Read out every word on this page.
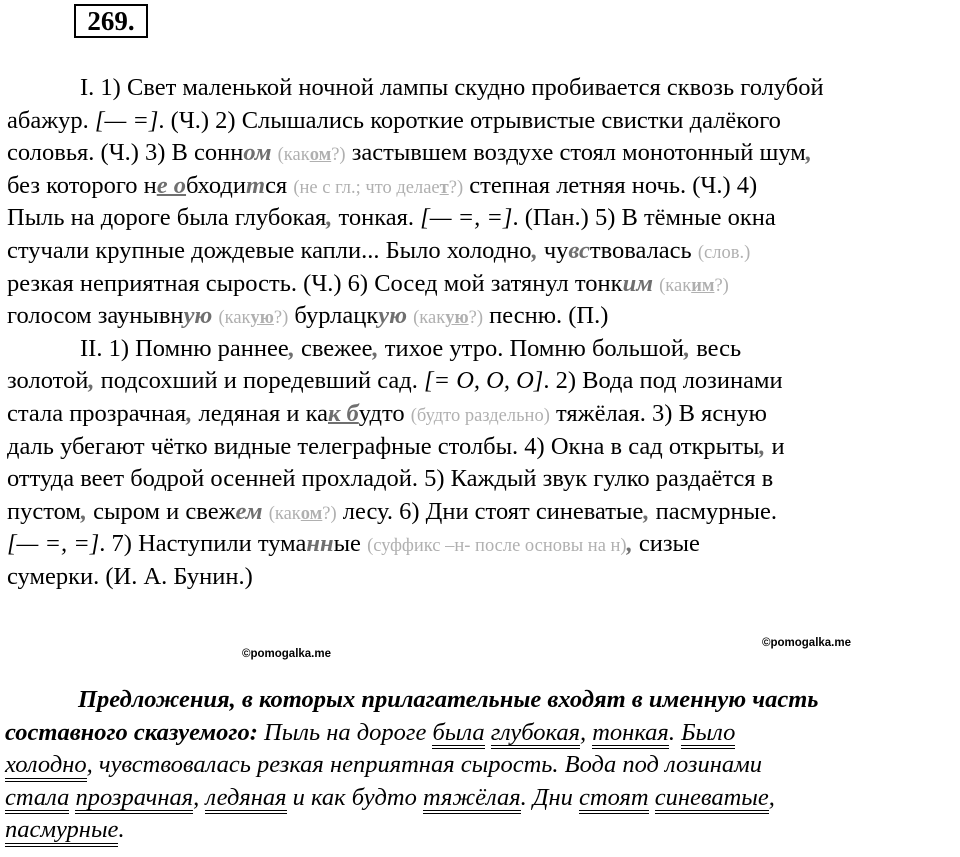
269.
I. 1) Свет маленькой ночной лампы скудно пробивается сквозь голубой
абажур. [— =]. (Ч.) 2) Слышались короткие отрывистые свистки далёкого
соловья. (Ч.) 3) В сонном (каком?) застывшем воздухе стоял монотонный шум,
без которого не обходится (не с гл.; что делает?) степная летняя ночь. (Ч.) 4)
Пыль на дороге была глубокая, тонкая. [— =, =]. (Пан.) 5) В тёмные окна
стучали крупные дождевые капли... Было холодно, чувствовалась (слов.)
резкая неприятная сырость. (Ч.) 6) Сосед мой затянул тонким (каким?)
голосом заунывную (какую?) бурлацкую (какую?) песню. (П.)
II. 1) Помню раннее, свежее, тихое утро. Помню большой, весь
золотой, подсохший и поредевший сад. [= O, O, O]. 2) Вода под лозинами
стала прозрачная, ледяная и как будто (будто раздельно) тяжёлая. 3) В ясную
даль убегают чётко видные телеграфные столбы. 4) Окна в сад открыты, и
оттуда веет бодрой осенней прохладой. 5) Каждый звук гулко раздаётся в
пустом, сыром и свежем (каком?) лесу. 6) Дни стоят синеватые, пасмурные.
[— =, =]. 7) Наступили туманные (суффикс –н- после основы на н), сизые
сумерки. (И. А. Бунин.)
©pomogalka.me
©pomogalka.me
Предложения, в которых прилагательные входят в именную часть
составного сказуемого: Пыль на дороге была глубокая, тонкая. Было
холодно, чувствовалась резкая неприятная сырость. Вода под лозинами
стала прозрачная, ледяная и как будто тяжёлая. Дни стоят синеватые,
пасмурные.
